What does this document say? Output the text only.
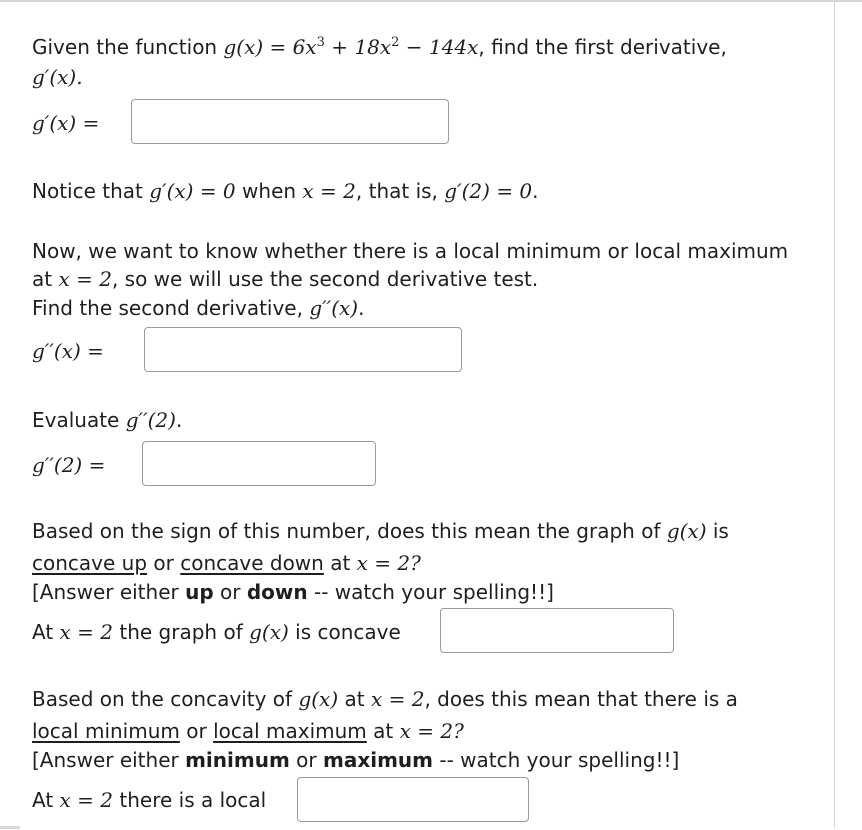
Given the function $g(x) = 6x^3 + 18x^2 - 144x$, find the first derivative,
g′(x).
g′(x) =
Notice that g′(x) = 0 when x = 2, that is, g′(2) = 0.
Now, we want to know whether there is a local minimum or local maximum
at x = 2, so we will use the second derivative test.
Find the second derivative, g′′(x).
g′′(x) =
Evaluate g′′(2).
g′′(2) =
Based on the sign of this number, does this mean the graph of g(x) is
concave up or concave down at x = 2?
[Answer either up or down -- watch your spelling!!]
At x = 2 the graph of g(x) is concave
Based on the concavity of g(x) at x = 2, does this mean that there is a
local minimum or local maximum at x = 2?
[Answer either minimum or maximum -- watch your spelling!!]
At x = 2 there is a local
